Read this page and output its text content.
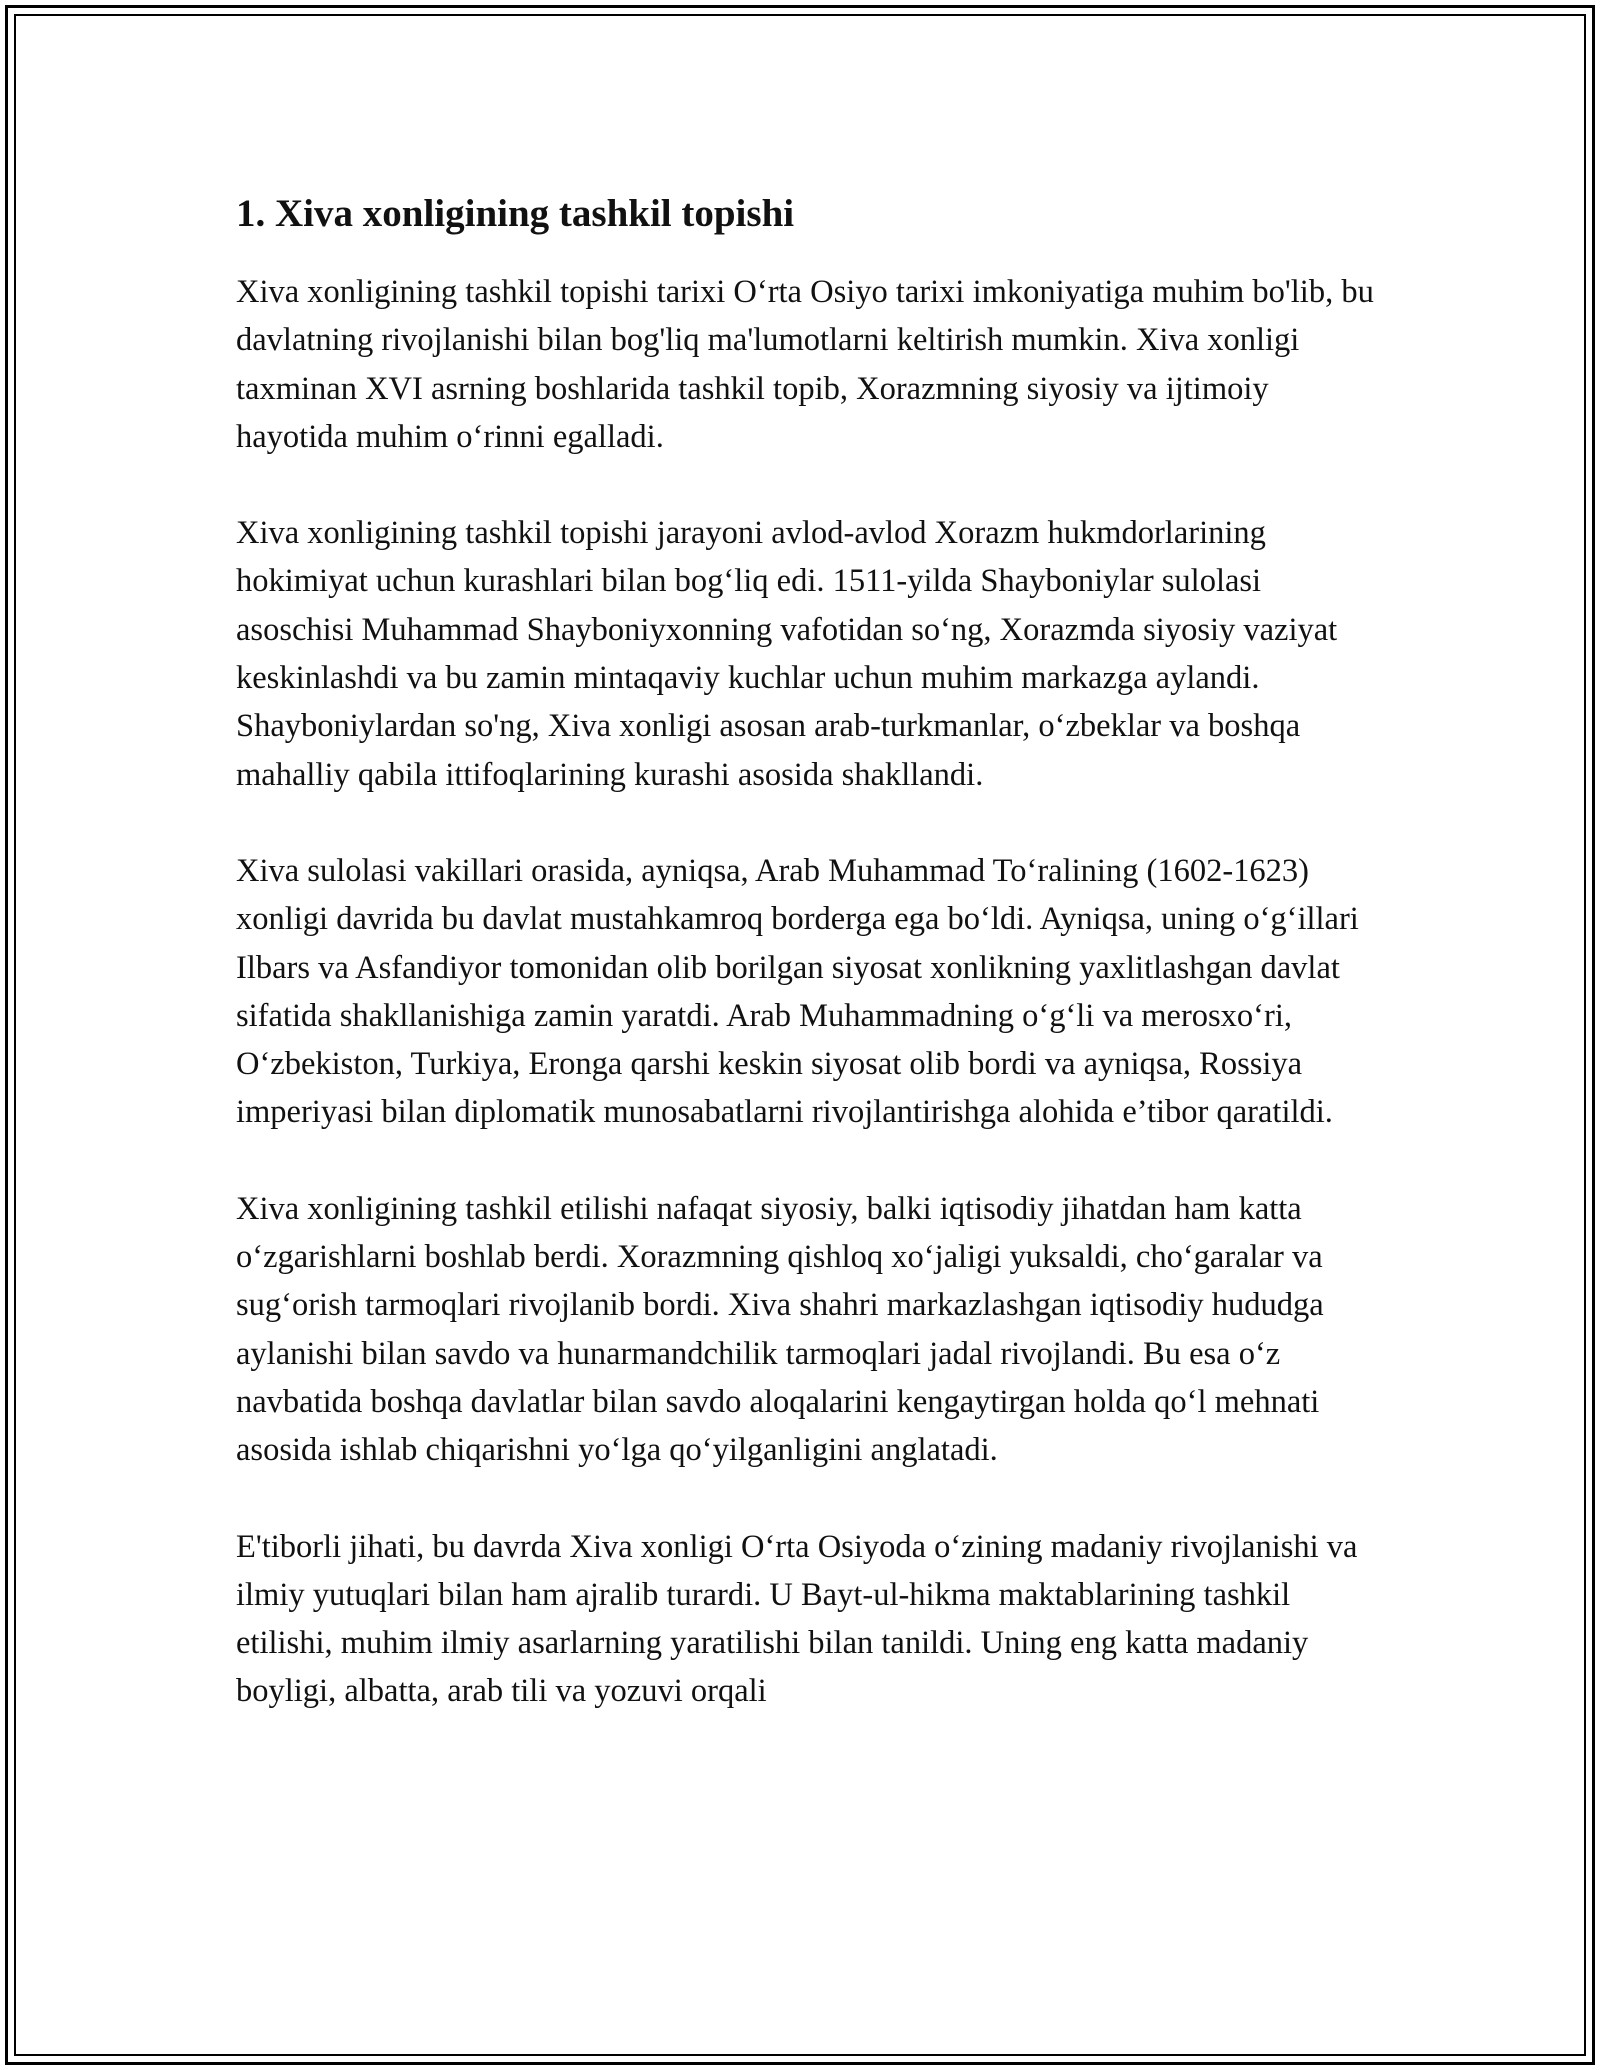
1. Xiva xonligining tashkil topishi

Xiva xonligining tashkil topishi tarixi O‘rta Osiyo tarixi imkoniyatiga muhim bo'lib, bu davlatning rivojlanishi bilan bog'liq ma'lumotlarni keltirish mumkin. Xiva xonligi taxminan XVI asrning boshlarida tashkil topib, Xorazmning siyosiy va ijtimoiy hayotida muhim o‘rinni egalladi.

Xiva xonligining tashkil topishi jarayoni avlod-avlod Xorazm hukmdorlarining hokimiyat uchun kurashlari bilan bog‘liq edi. 1511-yilda Shayboniylar sulolasi asoschisi Muhammad Shayboniyxonning vafotidan so‘ng, Xorazmda siyosiy vaziyat keskinlashdi va bu zamin mintaqaviy kuchlar uchun muhim markazga aylandi. Shayboniylardan so'ng, Xiva xonligi asosan arab-turkmanlar, o‘zbeklar va boshqa mahalliy qabila ittifoqlarining kurashi asosida shakllandi.

Xiva sulolasi vakillari orasida, ayniqsa, Arab Muhammad To‘ralining (1602-1623) xonligi davrida bu davlat mustahkamroq borderga ega bo‘ldi. Ayniqsa, uning o‘g‘illari Ilbars va Asfandiyor tomonidan olib borilgan siyosat xonlikning yaxlitlashgan davlat sifatida shakllanishiga zamin yaratdi. Arab Muhammadning o‘g‘li va merosxo‘ri, O‘zbekiston, Turkiya, Eronga qarshi keskin siyosat olib bordi va ayniqsa, Rossiya imperiyasi bilan diplomatik munosabatlarni rivojlantirishga alohida e’tibor qaratildi.

Xiva xonligining tashkil etilishi nafaqat siyosiy, balki iqtisodiy jihatdan ham katta o‘zgarishlarni boshlab berdi. Xorazmning qishloq xo‘jaligi yuksaldi, cho‘garalar va sug‘orish tarmoqlari rivojlanib bordi. Xiva shahri markazlashgan iqtisodiy hududga aylanishi bilan savdo va hunarmandchilik tarmoqlari jadal rivojlandi. Bu esa o‘z navbatida boshqa davlatlar bilan savdo aloqalarini kengaytirgan holda qo‘l mehnati asosida ishlab chiqarishni yo‘lga qo‘yilganligini anglatadi.

E'tiborli jihati, bu davrda Xiva xonligi O‘rta Osiyoda o‘zining madaniy rivojlanishi va ilmiy yutuqlari bilan ham ajralib turardi. U Bayt-ul-hikma maktablarining tashkil etilishi, muhim ilmiy asarlarning yaratilishi bilan tanildi. Uning eng katta madaniy boyligi, albatta, arab tili va yozuvi orqali
